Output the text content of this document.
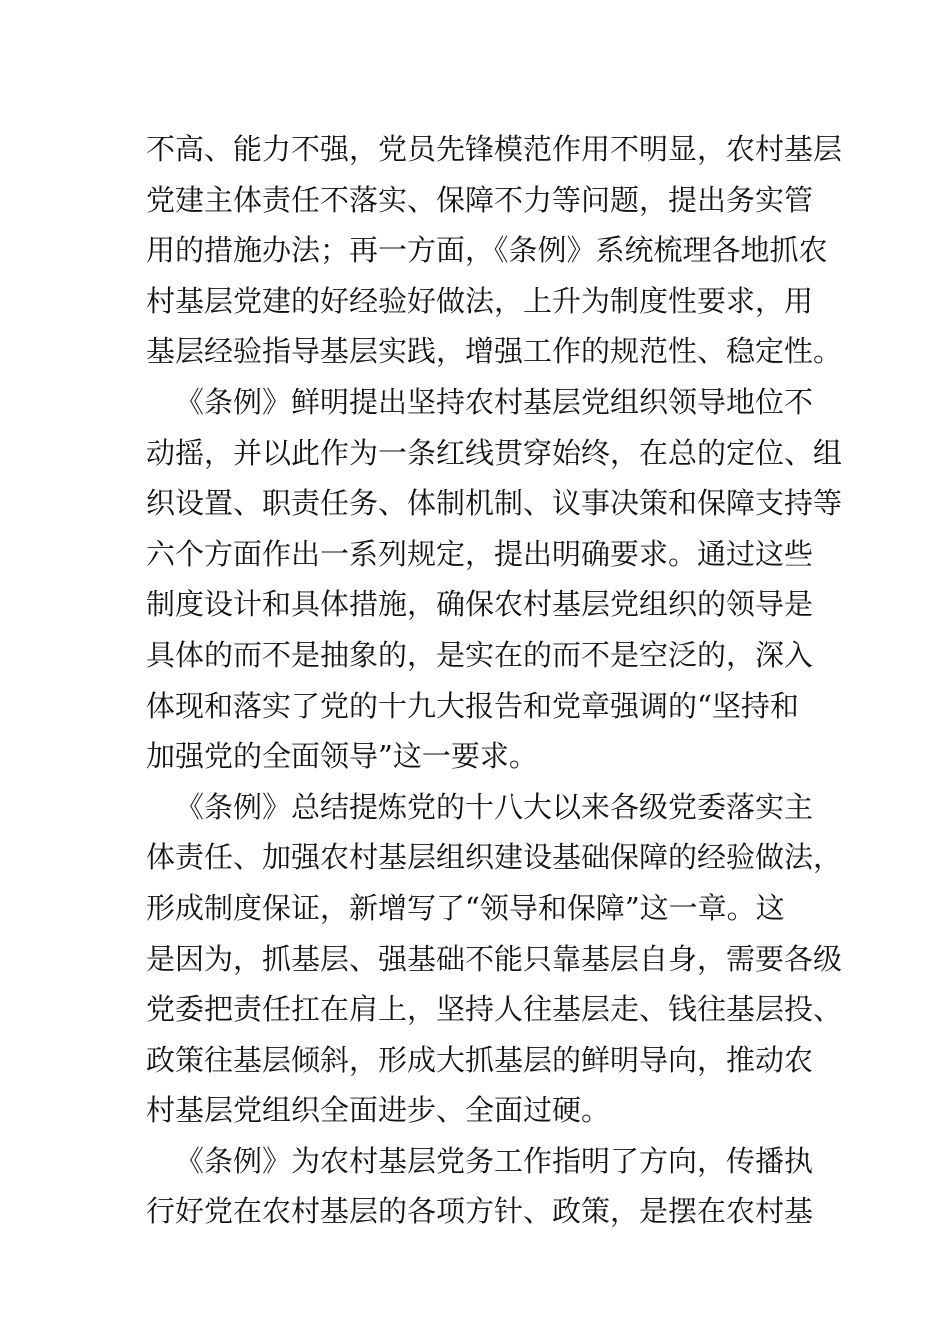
不高、能力不强，党员先锋模范作用不明显，农村基层
党建主体责任不落实、保障不力等问题，提出务实管
用的措施办法；再一方面，《条例》系统梳理各地抓农
村基层党建的好经验好做法，上升为制度性要求，用
基层经验指导基层实践，增强工作的规范性、稳定性。
《条例》鲜明提出坚持农村基层党组织领导地位不
动摇，并以此作为一条红线贯穿始终，在总的定位、组
织设置、职责任务、体制机制、议事决策和保障支持等
六个方面作出一系列规定，提出明确要求。通过这些
制度设计和具体措施，确保农村基层党组织的领导是
具体的而不是抽象的，是实在的而不是空泛的，深入
体现和落实了党的十九大报告和党章强调的“坚持和
加强党的全面领导”这一要求。
《条例》总结提炼党的十八大以来各级党委落实主
体责任、加强农村基层组织建设基础保障的经验做法，
形成制度保证，新增写了“领导和保障”这一章。这
是因为，抓基层、强基础不能只靠基层自身，需要各级
党委把责任扛在肩上，坚持人往基层走、钱往基层投、
政策往基层倾斜，形成大抓基层的鲜明导向，推动农
村基层党组织全面进步、全面过硬。
《条例》为农村基层党务工作指明了方向，传播执
行好党在农村基层的各项方针、政策，是摆在农村基
